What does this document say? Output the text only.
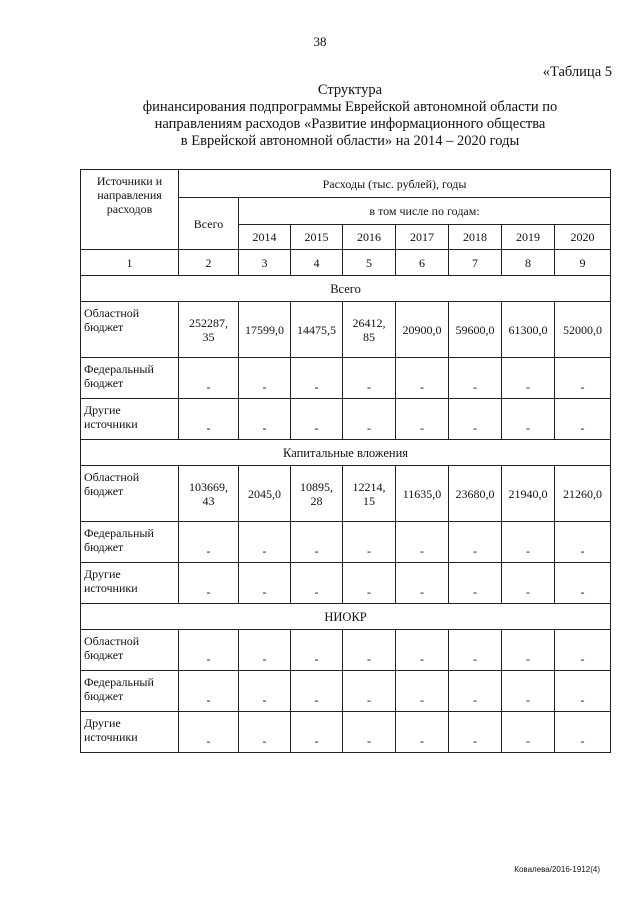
38
«Таблица 5
Структура
финансирования подпрограммы Еврейской автономной области по
направлениям расходов «Развитие информационного общества
в Еврейской автономной области» на 2014 – 2020 годы
Источники и направления расходов	Расходы (тыс. рублей), годы							
	Всего	в том числе по годам:						
		2014	2015	2016	2017	2018	2019	2020
1	2	3	4	5	6	7	8	9
Всего								
Областной бюджет	252287, 35	17599,0	14475,5	26412, 85	20900,0	59600,0	61300,0	52000,0
Федеральный бюджет	-	-	-	-	-	-	-	-
Другие источники	-	-	-	-	-	-	-	-
Капитальные вложения								
Областной бюджет	103669, 43	2045,0	10895, 28	12214, 15	11635,0	23680,0	21940,0	21260,0
Федеральный бюджет	-	-	-	-	-	-	-	-
Другие источники	-	-	-	-	-	-	-	-
НИОКР								
Областной бюджет	-	-	-	-	-	-	-	-
Федеральный бюджет	-	-	-	-	-	-	-	-
Другие источники	-	-	-	-	-	-	-	-
Ковалева/2016-1912(4)
